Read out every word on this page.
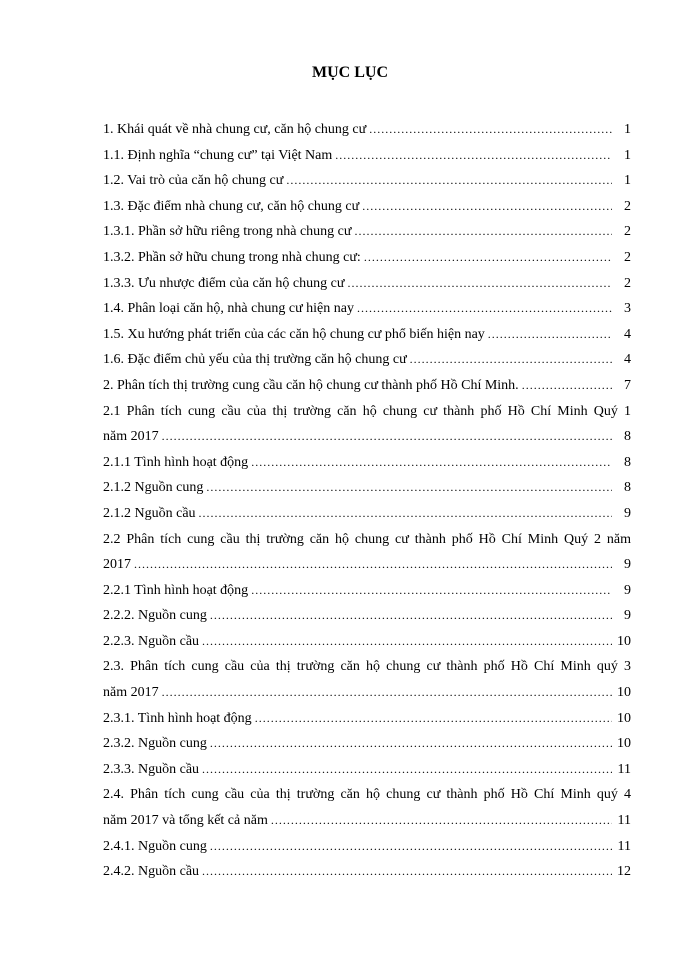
MỤC LỤC
1. Khái quát về nhà chung cư, căn hộ chung cư .....	1
1.1. Định nghĩa “chung cư” tại Việt Nam .....	1
1.2. Vai trò của căn hộ chung cư .....	1
1.3. Đặc điểm nhà chung cư, căn hộ chung cư .....	2
1.3.1. Phần sở hữu riêng trong nhà chung cư .....	2
1.3.2. Phần sở hữu chung trong nhà chung cư: .....	2
1.3.3. Ưu nhược điểm của căn hộ chung cư .....	2
1.4. Phân loại căn hộ, nhà chung cư hiện nay .....	3
1.5. Xu hướng phát triển của các căn hộ chung cư phổ biến hiện nay .....	4
1.6. Đặc điểm chủ yếu của thị trường căn hộ chung cư .....	4
2. Phân tích thị trường cung cầu căn hộ chung cư thành phố Hồ Chí Minh. .....	7
2.1 Phân tích cung cầu của thị trường căn hộ chung cư thành phố Hồ Chí Minh Quý 1
năm 2017 .....	8
2.1.1 Tình hình hoạt động .....	8
2.1.2 Nguồn cung .....	8
2.1.2 Nguồn cầu .....	9
2.2 Phân tích cung cầu thị trường căn hộ chung cư thành phố Hồ Chí Minh Quý 2 năm
2017 .....	9
2.2.1 Tình hình hoạt động .....	9
2.2.2. Nguồn cung .....	9
2.2.3. Nguồn cầu .....	10
2.3. Phân tích cung cầu của thị trường căn hộ chung cư thành phố Hồ Chí Minh quý 3
năm 2017 .....	10
2.3.1. Tình hình hoạt động .....	10
2.3.2. Nguồn cung .....	10
2.3.3. Nguồn cầu .....	11
2.4. Phân tích cung cầu của thị trường căn hộ chung cư thành phố Hồ Chí Minh quý 4
năm 2017 và tổng kết cả năm .....	11
2.4.1. Nguồn cung .....	11
2.4.2. Nguồn cầu .....	12
